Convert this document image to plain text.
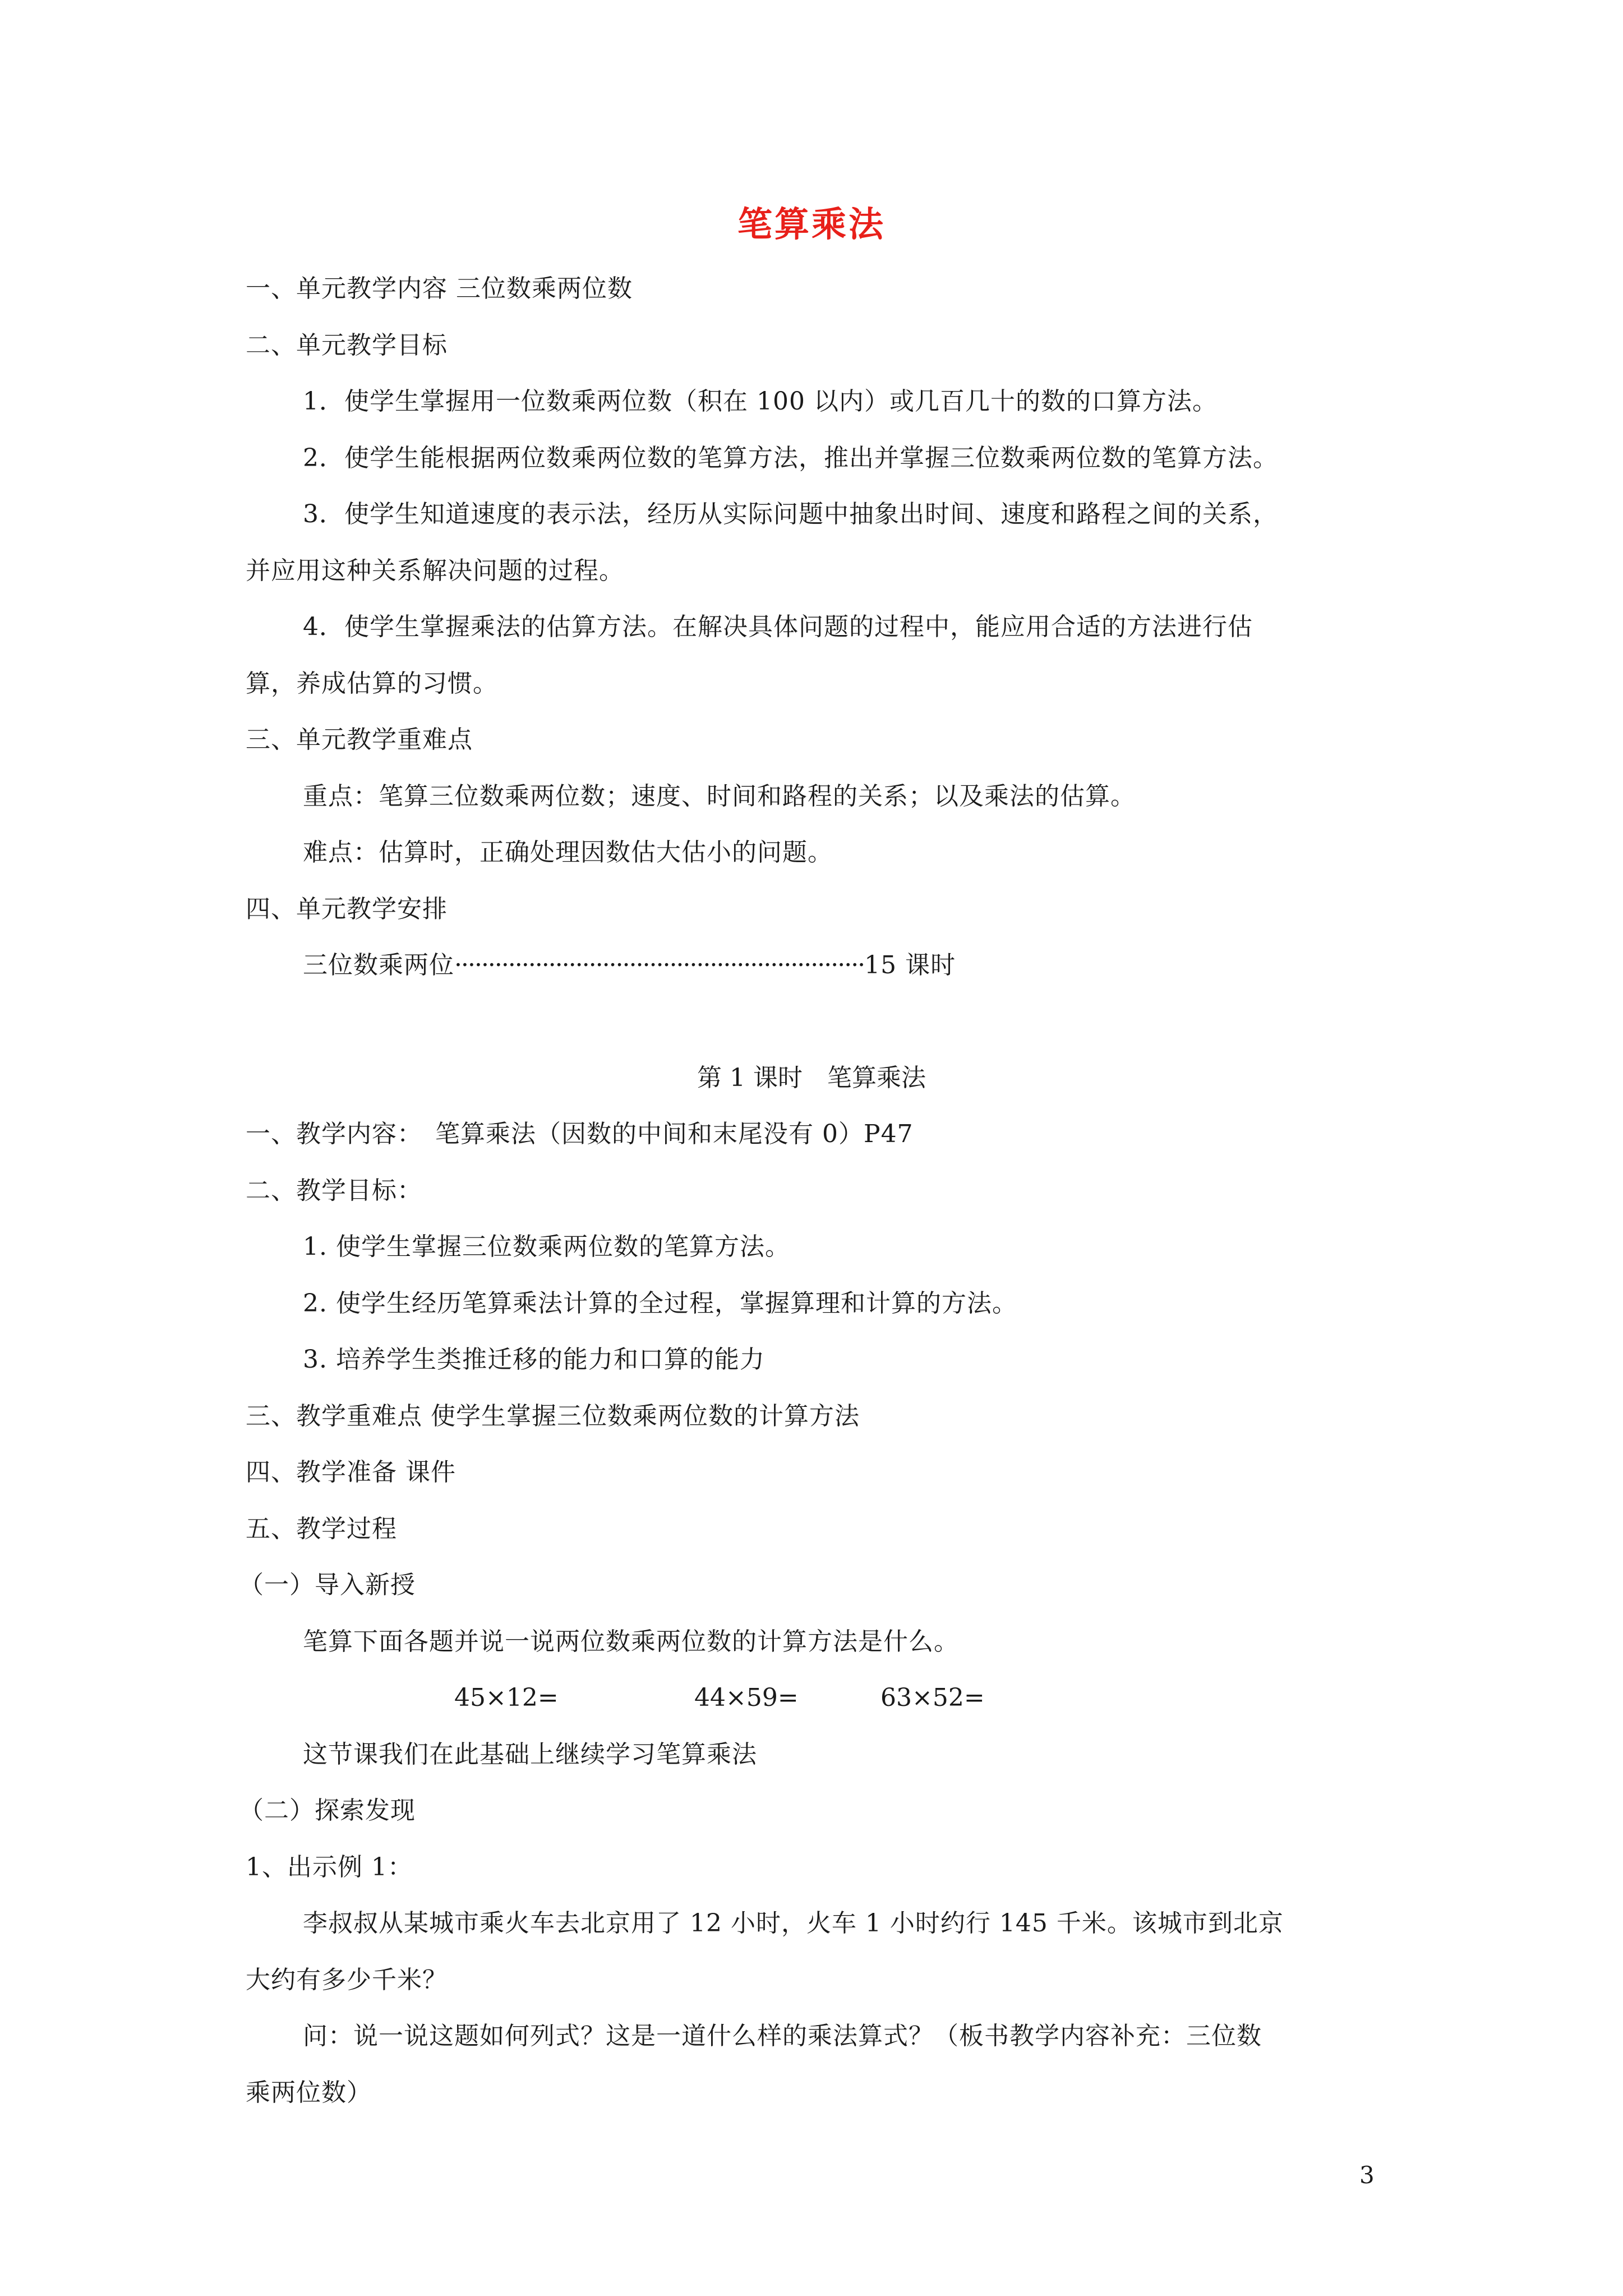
笔算乘法
一、单元教学内容 三位数乘两位数
二、单元教学目标
1．使学生掌握用一位数乘两位数（积在 100 以内）或几百几十的数的口算方法。
2．使学生能根据两位数乘两位数的笔算方法，推出并掌握三位数乘两位数的笔算方法。
3．使学生知道速度的表示法，经历从实际问题中抽象出时间、速度和路程之间的关系，
并应用这种关系解决问题的过程。
4．使学生掌握乘法的估算方法。在解决具体问题的过程中，能应用合适的方法进行估
算，养成估算的习惯。
三、单元教学重难点
重点：笔算三位数乘两位数；速度、时间和路程的关系；以及乘法的估算。
难点：估算时，正确处理因数估大估小的问题。
四、单元教学安排
三位数乘两位·····························································15 课时
第 1 课时　笔算乘法
一、教学内容：　笔算乘法（因数的中间和末尾没有 0）P47
二、教学目标：
1. 使学生掌握三位数乘两位数的笔算方法。
2. 使学生经历笔算乘法计算的全过程，掌握算理和计算的方法。
3. 培养学生类推迁移的能力和口算的能力
三、教学重难点 使学生掌握三位数乘两位数的计算方法
四、教学准备 课件
五、教学过程
（一）导入新授
笔算下面各题并说一说两位数乘两位数的计算方法是什么。
45×12=	44×59=	63×52=
这节课我们在此基础上继续学习笔算乘法
（二）探索发现
1、出示例 1：
李叔叔从某城市乘火车去北京用了 12 小时，火车 1 小时约行 145 千米。该城市到北京
大约有多少千米？
问：说一说这题如何列式？这是一道什么样的乘法算式？（板书教学内容补充：三位数
乘两位数）
3
